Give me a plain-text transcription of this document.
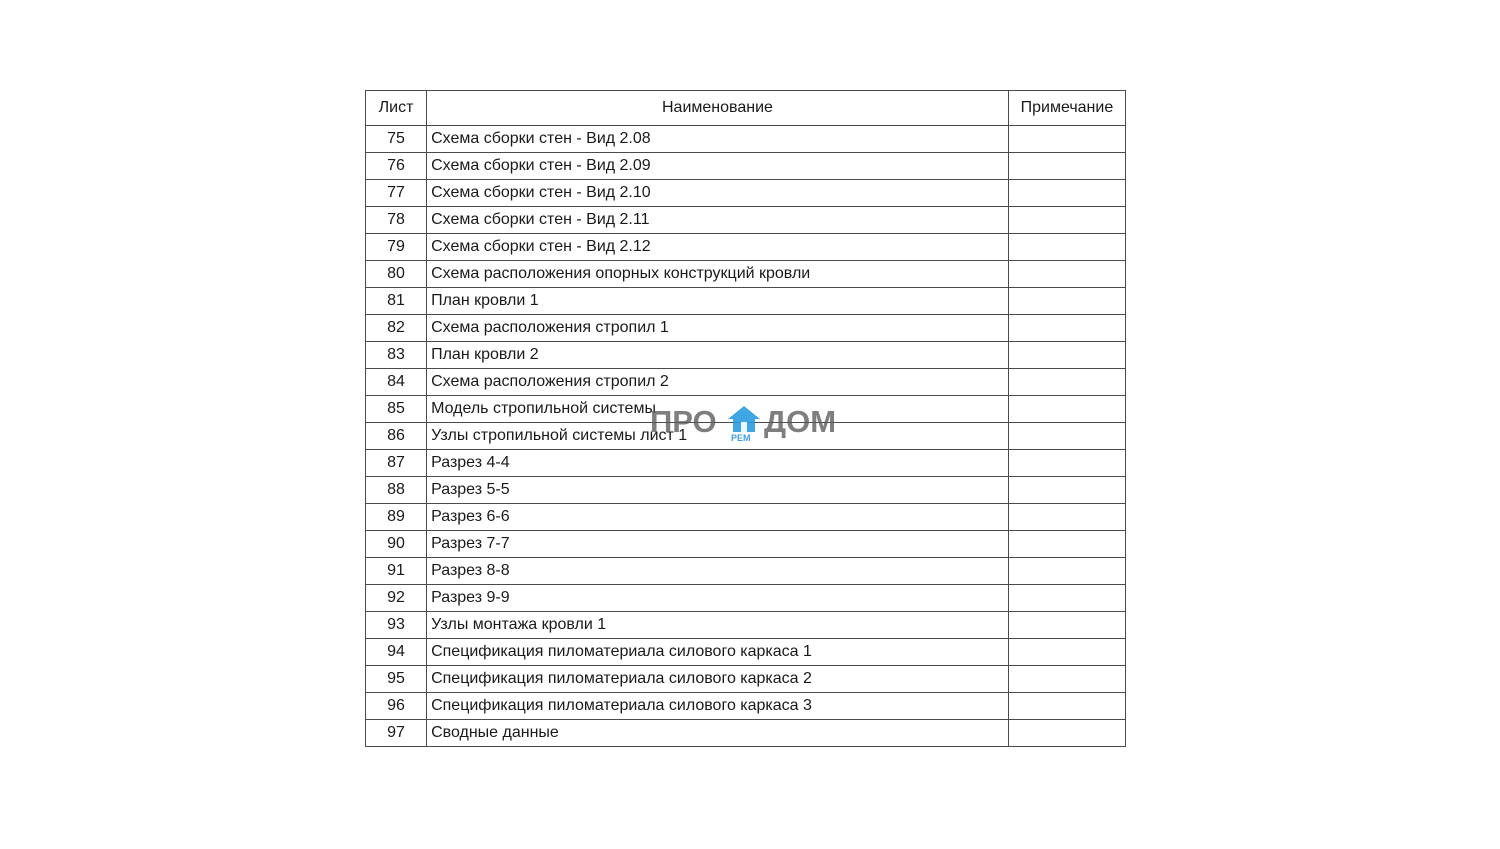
Лист	Наименование	Примечание
75	Схема сборки стен - Вид 2.08	
76	Схема сборки стен - Вид 2.09	
77	Схема сборки стен - Вид 2.10	
78	Схема сборки стен - Вид 2.11	
79	Схема сборки стен - Вид 2.12	
80	Схема расположения опорных конструкций кровли	
81	План кровли 1	
82	Схема расположения стропил 1	
83	План кровли 2	
84	Схема расположения стропил 2	
85	Модель стропильной системы	
86	Узлы стропильной системы лист 1	
87	Разрез 4-4	
88	Разрез 5-5	
89	Разрез 6-6	
90	Разрез 7-7	
91	Разрез 8-8	
92	Разрез 9-9	
93	Узлы монтажа кровли 1	
94	Спецификация пиломатериала силового каркаса 1	
95	Спецификация пиломатериала силового каркаса 2	
96	Спецификация пиломатериала силового каркаса 3	
97	Сводные данные	
ПРО РЕМ ДОМ
